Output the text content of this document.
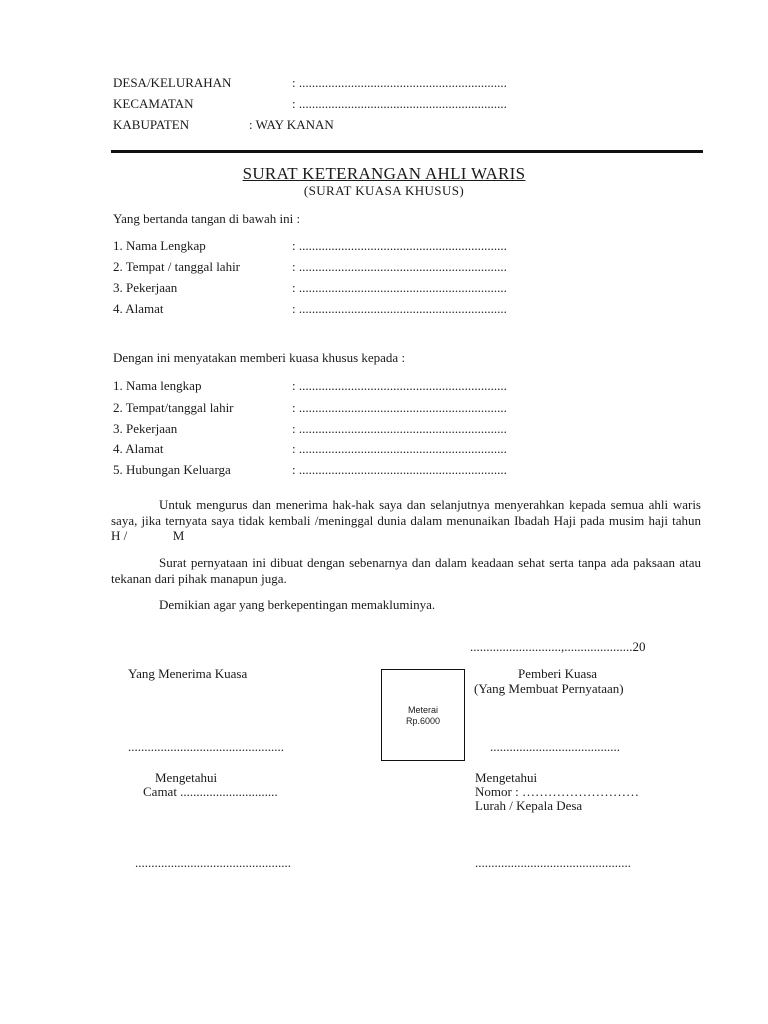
DESA/KELURAHAN	: ................................................................
KECAMATAN	: ................................................................
KABUPATEN	: WAY KANAN
SURAT KETERANGAN AHLI WARIS
(SURAT KUASA KHUSUS)
Yang bertanda tangan di bawah ini :
1. Nama Lengkap	: ................................................................
2. Tempat / tanggal lahir	: ................................................................
3. Pekerjaan	: ................................................................
4. Alamat	: ................................................................
Dengan ini menyatakan memberi kuasa khusus kepada :
1. Nama lengkap	: ................................................................
2. Tempat/tanggal lahir	: ................................................................
3. Pekerjaan	: ................................................................
4. Alamat	: ................................................................
5. Hubungan Keluarga	: ................................................................
Untuk mengurus dan menerima hak-hak saya dan selanjutnya menyerahkan kepada semua ahli waris saya, jika ternyata saya tidak kembali /meninggal dunia dalam menunaikan Ibadah Haji pada musim haji tahun                 H /              M
Surat pernyataan ini dibuat dengan sebenarnya dan dalam keadaan sehat serta tanpa ada paksaan atau tekanan dari pihak manapun juga.
Demikian agar yang berkepentingan memakluminya.
............................,.....................20
Yang Menerima Kuasa
................................................
Meterai
Rp.6000
Pemberi Kuasa
(Yang Membuat Pernyataan)
........................................
Mengetahui
Camat ..............................
................................................
Mengetahui
Nomor : ………………………
Lurah / Kepala Desa
................................................
